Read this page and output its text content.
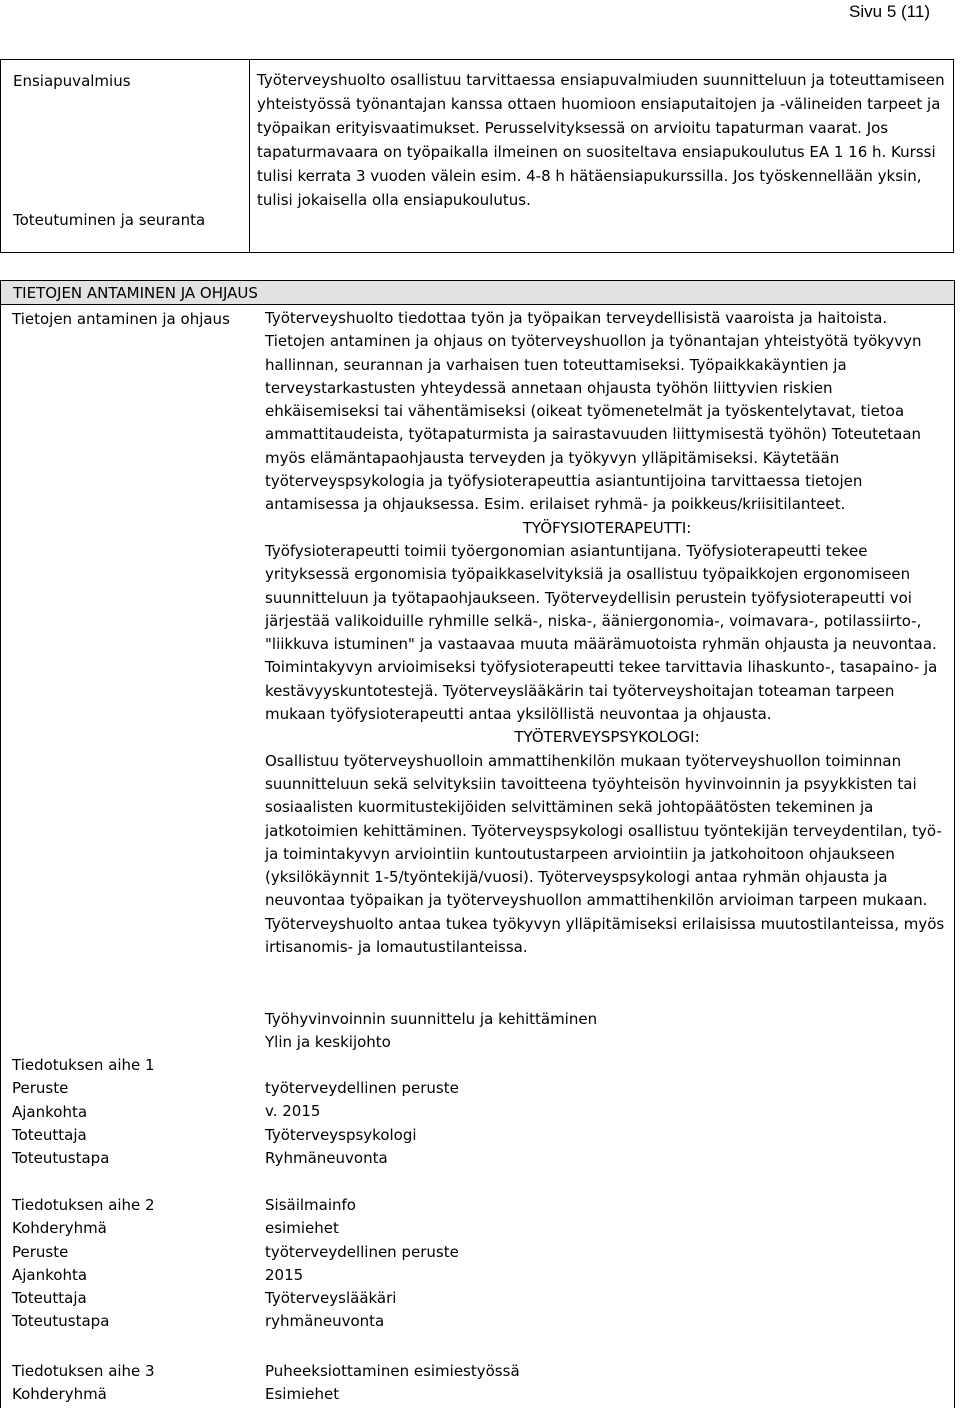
Sivu 5 (11)
Ensiapuvalmius
Toteutuminen ja seuranta

Työterveyshuolto osallistuu tarvittaessa ensiapuvalmiuden suunnitteluun ja toteuttamiseen yhteistyössä työnantajan kanssa ottaen huomioon ensiaputaitojen ja -välineiden tarpeet ja työpaikan erityisvaatimukset. Perusselvityksessä on arvioitu tapaturman vaarat. Jos tapaturmavaara on työpaikalla ilmeinen on suositeltava ensiapukoulutus EA 1 16 h. Kurssi tulisi kerrata 3 vuoden välein esim. 4-8 h hätäensiapukurssilla. Jos työskennellään yksin, tulisi jokaisella olla ensiapukoulutus.

TIETOJEN ANTAMINEN JA OHJAUS
Tietojen antaminen ja ohjaus Työterveyshuolto tiedottaa työn ja työpaikan terveydellisistä vaaroista ja haitoista. Tietojen antaminen ja ohjaus on työterveyshuollon ja työnantajan yhteistyötä työkyvyn hallinnan, seurannan ja varhaisen tuen toteuttamiseksi. Työpaikkakäyntien ja terveystarkastusten yhteydessä annetaan ohjausta työhön liittyvien riskien ehkäisemiseksi tai vähentämiseksi (oikeat työmenetelmät ja työskentelytavat, tietoa ammattitaudeista, työtapaturmista ja sairastavuuden liittymisestä työhön) Toteutetaan myös elämäntapaohjausta terveyden ja työkyvyn ylläpitämiseksi. Käytetään työterveyspsykologia ja työfysioterapeuttia asiantuntijoina tarvittaessa tietojen antamisessa ja ohjauksessa. Esim. erilaiset ryhmä- ja poikkeus/kriisitilanteet.

TYÖFYSIOTERAPEUTTI:

Työfysioterapeutti toimii työergonomian asiantuntijana. Työfysioterapeutti tekee yrityksessä ergonomisia työpaikkaselvityksiä ja osallistuu työpaikkojen ergonomiseen suunnitteluun ja työtapaohjaukseen. Työterveydellisin perustein työfysioterapeutti voi järjestää valikoiduille ryhmille selkä-, niska-, ääniergonomia-, voimavara-, potilassiirto-, "liikkuva istuminen" ja vastaavaa muuta määrämuotoista ryhmän ohjausta ja neuvontaa. Toimintakyvyn arvioimiseksi työfysioterapeutti tekee tarvittavia lihaskunto-, tasapaino- ja kestävyyskuntotestejä. Työterveyslääkärin tai työterveyshoitajan toteaman tarpeen mukaan työfysioterapeutti antaa yksilöllistä neuvontaa ja ohjausta.

TYÖTERVEYSPSYKOLOGI:

Osallistuu työterveyshuolloin ammattihenkilön mukaan työterveyshuollon toiminnan suunnitteluun sekä selvityksiin tavoitteena työyhteisön hyvinvoinnin ja psyykkisten tai sosiaalisten kuormitustekijöiden selvittäminen sekä johtopäätösten tekeminen ja jatkotoimien kehittäminen. Työterveyspsykologi osallistuu työntekijän terveydentilan, työ- ja toimintakyvyn arviointiin kuntoutustarpeen arviointiin ja jatkohoitoon ohjaukseen (yksilökäynnit 1-5/työntekijä/vuosi). Työterveyspsykologi antaa ryhmän ohjausta ja neuvontaa työpaikan ja työterveyshuollon ammattihenkilön arvioiman tarpeen mukaan. Työterveyshuolto antaa tukea työkyvyn ylläpitämiseksi erilaisissa muutostilanteissa, myös irtisanomis- ja lomautustilanteissa.

Tiedotuksen aihe 1
Peruste
Ajankohta
Toteuttaja
Toteutustapa
Tiedotuksen aihe 2
Kohderyhmä
Peruste
Ajankohta
Toteuttaja
Toteutustapa
Tiedotuksen aihe 3
Kohderyhmä
Työhyvinvoinnin suunnittelu ja kehittäminen
Ylin ja keskijohto
työterveydellinen peruste
v. 2015
Työterveyspsykologi
Ryhmäneuvonta
Sisäilmainfo
esimiehet
työterveydellinen peruste
2015
Työterveyslääkäri
ryhmäneuvonta
Puheeksiottaminen esimiestyössä
Esimiehet
